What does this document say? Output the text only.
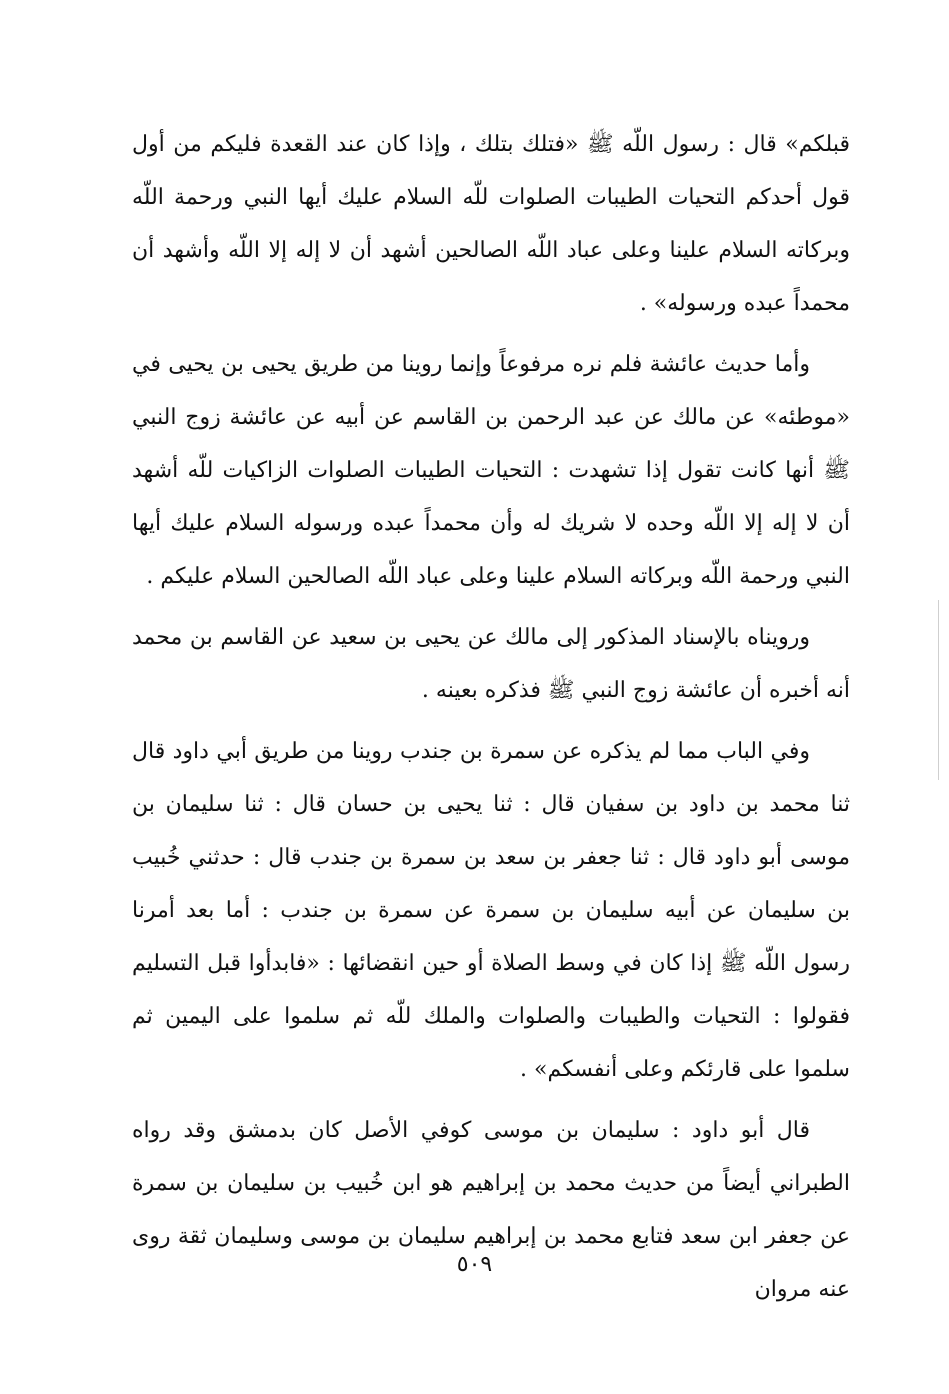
قبلكم» قال : رسول اللّه ﷺ «فتلك بتلك ، وإذا كان عند القعدة فليكم من أول قول أحدكم التحيات الطيبات الصلوات للّه السلام عليك أيها النبي ورحمة اللّه وبركاته السلام علينا وعلى عباد اللّه الصالحين أشهد أن لا إله إلا اللّه وأشهد أن محمداً عبده ورسوله» .

وأما حديث عائشة فلم نره مرفوعاً وإنما روينا من طريق يحيى بن يحيى في «موطئه» عن مالك عن عبد الرحمن بن القاسم عن أبيه عن عائشة زوج النبي ﷺ أنها كانت تقول إذا تشهدت : التحيات الطيبات الصلوات الزاكيات للّه أشهد أن لا إله إلا اللّه وحده لا شريك له وأن محمداً عبده ورسوله السلام عليك أيها النبي ورحمة اللّه وبركاته السلام علينا وعلى عباد اللّه الصالحين السلام عليكم .

ورويناه بالإسناد المذكور إلى مالك عن يحيى بن سعيد عن القاسم بن محمد أنه أخبره أن عائشة زوج النبي ﷺ فذكره بعينه .

وفي الباب مما لم يذكره عن سمرة بن جندب روينا من طريق أبي داود قال ثنا محمد بن داود بن سفيان قال : ثنا يحيى بن حسان قال : ثنا سليمان بن موسى أبو داود قال : ثنا جعفر بن سعد بن سمرة بن جندب قال : حدثني خُبيب بن سليمان عن أبيه سليمان بن سمرة عن سمرة بن جندب : أما بعد أمرنا رسول اللّه ﷺ إذا كان في وسط الصلاة أو حين انقضائها : «فابدأوا قبل التسليم فقولوا : التحيات والطيبات والصلوات والملك للّه ثم سلموا على اليمين ثم سلموا على قارئكم وعلى أنفسكم» .

قال أبو داود : سليمان بن موسى كوفي الأصل كان بدمشق وقد رواه الطبراني أيضاً من حديث محمد بن إبراهيم هو ابن خُبيب بن سليمان بن سمرة عن جعفر ابن سعد فتابع محمد بن إبراهيم سليمان بن موسى وسليمان ثقة روى عنه مروان

٥٠٩
